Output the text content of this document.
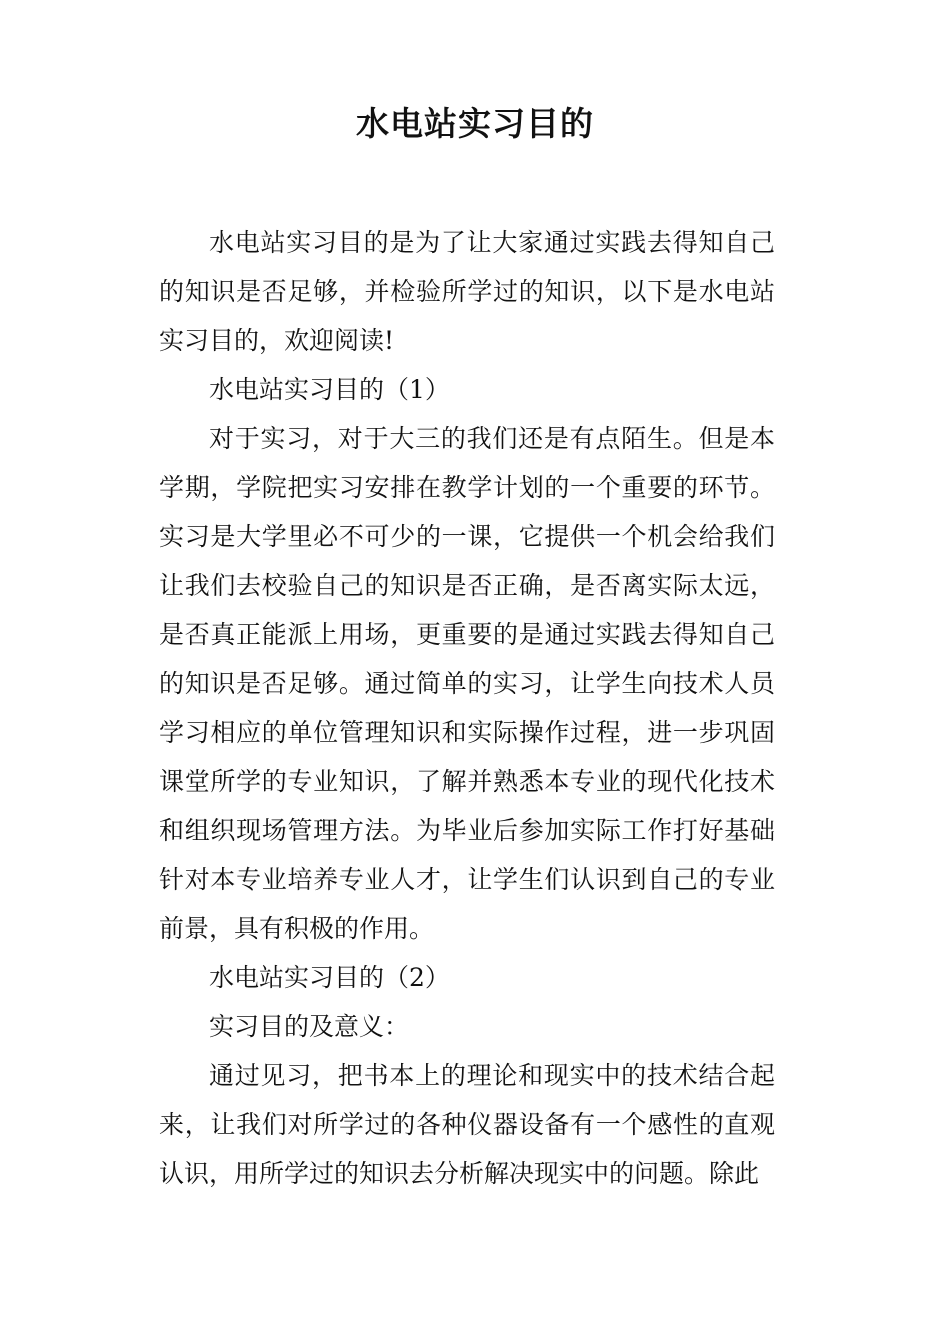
水电站实习目的

水电站实习目的是为了让大家通过实践去得知自己的知识是否足够，并检验所学过的知识，以下是水电站实习目的，欢迎阅读!

水电站实习目的（1）

对于实习，对于大三的我们还是有点陌生。但是本学期，学院把实习安排在教学计划的一个重要的环节。实习是大学里必不可少的一课，它提供一个机会给我们让我们去校验自己的知识是否正确，是否离实际太远，是否真正能派上用场，更重要的是通过实践去得知自己的知识是否足够。通过简单的实习，让学生向技术人员学习相应的单位管理知识和实际操作过程，进一步巩固课堂所学的专业知识，了解并熟悉本专业的现代化技术和组织现场管理方法。为毕业后参加实际工作打好基础针对本专业培养专业人才，让学生们认识到自己的专业前景，具有积极的作用。

水电站实习目的（2）

实习目的及意义：

通过见习，把书本上的理论和现实中的技术结合起来，让我们对所学过的各种仪器设备有一个感性的直观认识，用所学过的知识去分析解决现实中的问题。除此
